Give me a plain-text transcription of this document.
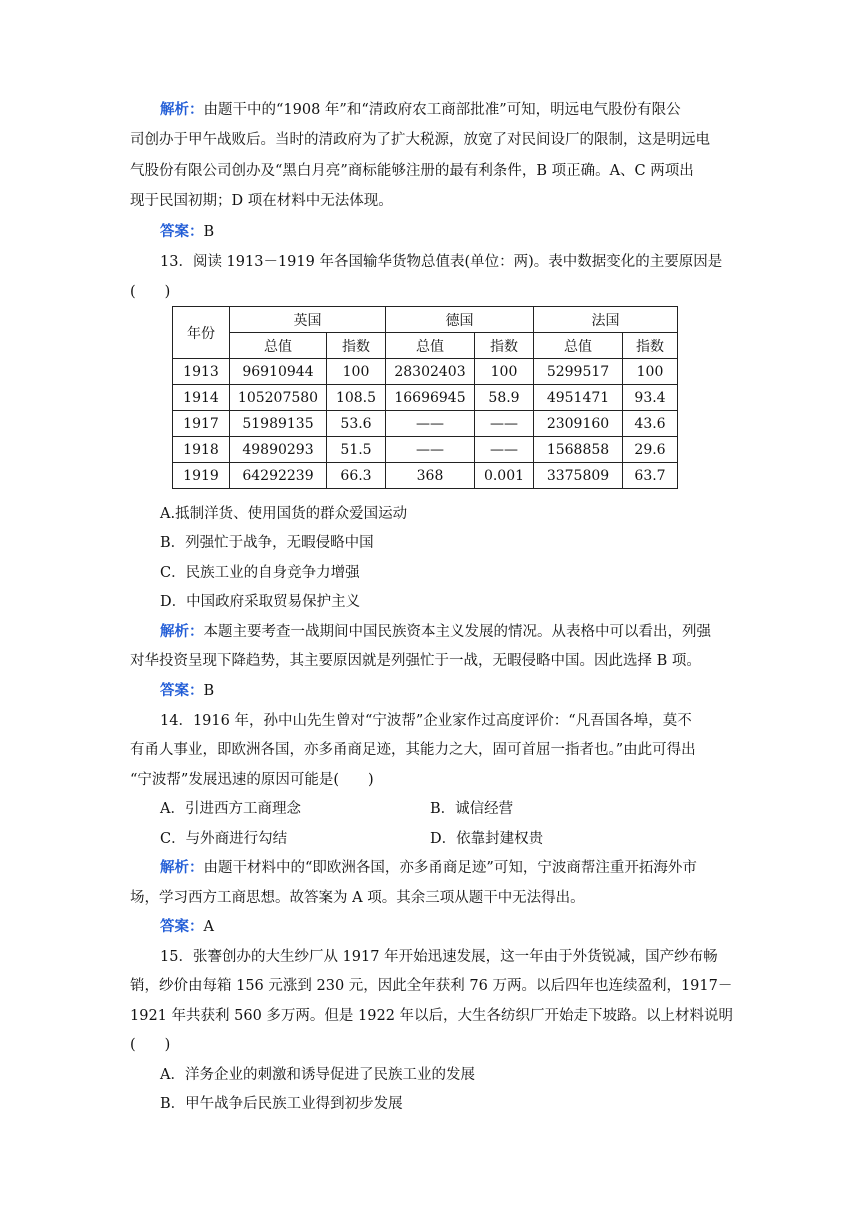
解析：由题干中的“1908 年”和“清政府农工商部批准”可知，明远电气股份有限公
司创办于甲午战败后。当时的清政府为了扩大税源，放宽了对民间设厂的限制，这是明远电
气股份有限公司创办及“黑白月亮”商标能够注册的最有利条件，B 项正确。A、C 两项出
现于民国初期；D 项在材料中无法体现。
答案：B
13．阅读 1913－1919 年各国输华货物总值表(单位：两)。表中数据变化的主要原因是
(　　)
年份	英国		德国		法国	
	总值	指数	总值	指数	总值	指数
1913	96910944	100	28302403	100	5299517	100
1914	105207580	108.5	16696945	58.9	4951471	93.4
1917	51989135	53.6	——	——	2309160	43.6
1918	49890293	51.5	——	——	1568858	29.6
1919	64292239	66.3	368	0.001	3375809	63.7
A.抵制洋货、使用国货的群众爱国运动
B．列强忙于战争，无暇侵略中国
C．民族工业的自身竞争力增强
D．中国政府采取贸易保护主义
解析：本题主要考查一战期间中国民族资本主义发展的情况。从表格中可以看出，列强
对华投资呈现下降趋势，其主要原因就是列强忙于一战，无暇侵略中国。因此选择 B 项。
答案：B
14．1916 年，孙中山先生曾对“宁波帮”企业家作过高度评价：“凡吾国各埠，莫不
有甬人事业，即欧洲各国，亦多甬商足迹，其能力之大，固可首屈一指者也。”由此可得出
“宁波帮”发展迅速的原因可能是(　　)
A．引进西方工商理念	B．诚信经营
C．与外商进行勾结	D．依靠封建权贵
解析：由题干材料中的“即欧洲各国，亦多甬商足迹”可知，宁波商帮注重开拓海外市
场，学习西方工商思想。故答案为 A 项。其余三项从题干中无法得出。
答案：A
15．张謇创办的大生纱厂从 1917 年开始迅速发展，这一年由于外货锐减，国产纱布畅
销，纱价由每箱 156 元涨到 230 元，因此全年获利 76 万两。以后四年也连续盈利，1917－
1921 年共获利 560 多万两。但是 1922 年以后，大生各纺织厂开始走下坡路。以上材料说明
(　　)
A．洋务企业的刺激和诱导促进了民族工业的发展
B．甲午战争后民族工业得到初步发展
